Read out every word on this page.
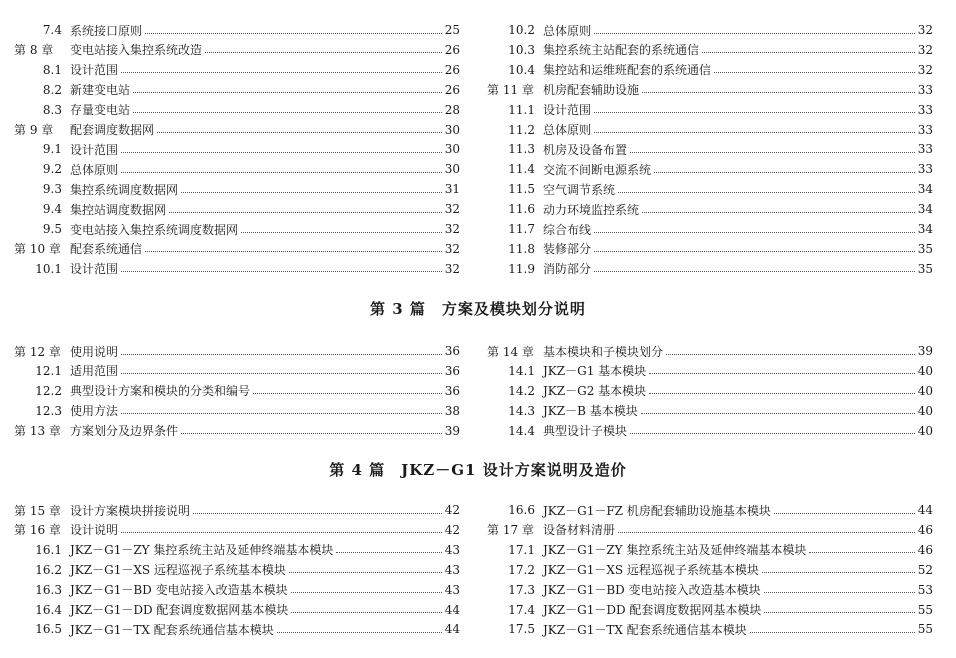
7.4 系统接口原则	25
第 8 章	变电站接入集控系统改造	26
8.1 设计范围	26
8.2 新建变电站	26
8.3 存量变电站	28
第 9 章	配套调度数据网	30
9.1 设计范围	30
9.2 总体原则	30
9.3 集控系统调度数据网	31
9.4 集控站调度数据网	32
9.5 变电站接入集控系统调度数据网	32
第 10 章 配套系统通信	32
10.1 设计范围	32
10.2 总体原则	32
10.3 集控系统主站配套的系统通信	32
10.4 集控站和运维班配套的系统通信	32
第 11 章 机房配套辅助设施	33
11.1 设计范围	33
11.2 总体原则	33
11.3 机房及设备布置	33
11.4 交流不间断电源系统	33
11.5 空气调节系统	34
11.6 动力环境监控系统	34
11.7 综合布线	34
11.8 装修部分	35
11.9 消防部分	35
第 3 篇　方案及模块划分说明
第 12 章 使用说明	36
12.1 适用范围	36
12.2 典型设计方案和模块的分类和编号	36
12.3 使用方法	38
第 13 章 方案划分及边界条件	39
第 14 章 基本模块和子模块划分	39
14.1 JKZ－G1 基本模块	40
14.2 JKZ－G2 基本模块	40
14.3 JKZ－B 基本模块	40
14.4 典型设计子模块	40
第 4 篇　JKZ－G1 设计方案说明及造价
第 15 章 设计方案模块拼接说明	42
第 16 章 设计说明	42
16.1 JKZ－G1－ZY 集控系统主站及延伸终端基本模块	43
16.2 JKZ－G1－XS 远程巡视子系统基本模块	43
16.3 JKZ－G1－BD 变电站接入改造基本模块	43
16.4 JKZ－G1－DD 配套调度数据网基本模块	44
16.5 JKZ－G1－TX 配套系统通信基本模块	44
16.6 JKZ－G1－FZ 机房配套辅助设施基本模块	44
第 17 章 设备材料清册	46
17.1 JKZ－G1－ZY 集控系统主站及延伸终端基本模块	46
17.2 JKZ－G1－XS 远程巡视子系统基本模块	52
17.3 JKZ－G1－BD 变电站接入改造基本模块	53
17.4 JKZ－G1－DD 配套调度数据网基本模块	55
17.5 JKZ－G1－TX 配套系统通信基本模块	55
